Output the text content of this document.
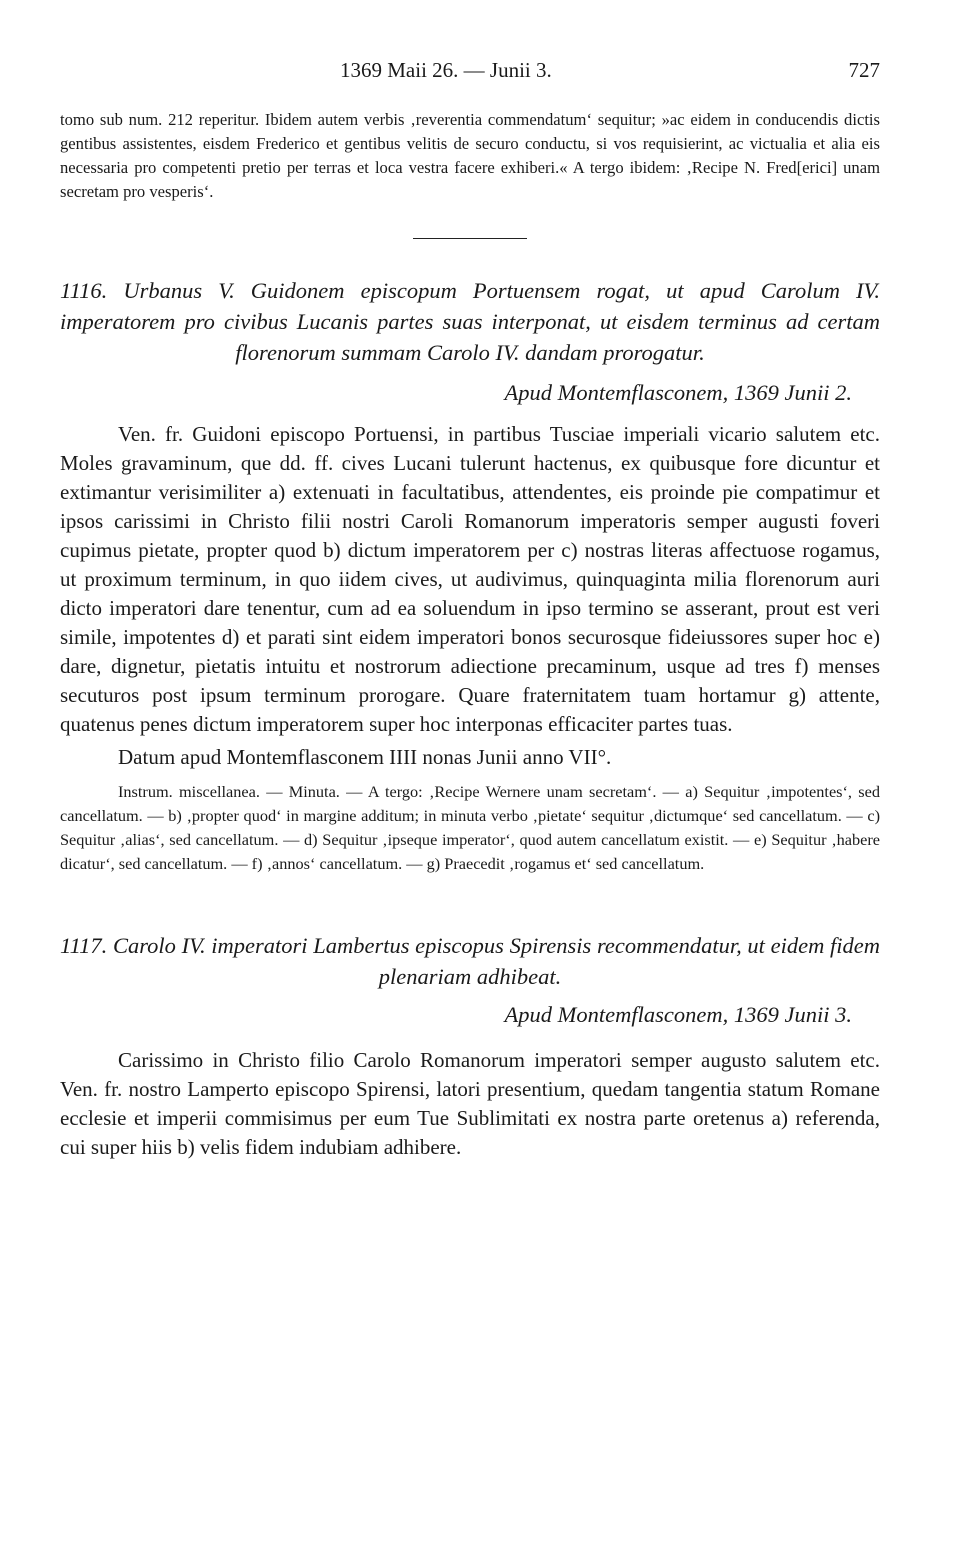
1369 Maii 26. — Junii 3.	727

tomo sub num. 212 reperitur. Ibidem autem verbis ‚reverentia commendatum‘ sequitur; »ac eidem in conducendis dictis gentibus assistentes, eisdem Frederico et gentibus velitis de securo conductu, si vos requisierint, ac victualia et alia eis necessaria pro competenti pretio per terras et loca vestra facere exhiberi.« A tergo ibidem: ‚Recipe N. Fred[erici] unam secretam pro vesperis‘.

1116. Urbanus V. Guidonem episcopum Portuensem rogat, ut apud Carolum IV. imperatorem pro civibus Lucanis partes suas interponat, ut eisdem terminus ad certam florenorum summam Carolo IV. dandam prorogatur.

Apud Montemflasconem, 1369 Junii 2.

Ven. fr. Guidoni episcopo Portuensi, in partibus Tusciae imperiali vicario salutem etc. Moles gravaminum, que dd. ff. cives Lucani tulerunt hactenus, ex quibusque fore dicuntur et extimantur verisimiliter a) extenuati in facultatibus, attendentes, eis proinde pie compatimur et ipsos carissimi in Christo filii nostri Caroli Romanorum imperatoris semper augusti foveri cupimus pietate, propter quod b) dictum imperatorem per c) nostras literas affectuose rogamus, ut proximum terminum, in quo iidem cives, ut audivimus, quinquaginta milia florenorum auri dicto imperatori dare tenentur, cum ad ea soluendum in ipso termino se asserant, prout est veri simile, impotentes d) et parati sint eidem imperatori bonos securosque fideiussores super hoc e) dare, dignetur, pietatis intuitu et nostrorum adiectione precaminum, usque ad tres f) menses secuturos post ipsum terminum prorogare. Quare fraternitatem tuam hortamur g) attente, quatenus penes dictum imperatorem super hoc interponas efficaciter partes tuas.

Datum apud Montemflasconem IIII nonas Junii anno VII°.

Instrum. miscellanea. — Minuta. — A tergo: ‚Recipe Wernere unam secretam‘. — a) Sequitur ‚impotentes‘, sed cancellatum. — b) ‚propter quod‘ in margine additum; in minuta verbo ‚pietate‘ sequitur ‚dictumque‘ sed cancellatum. — c) Sequitur ‚alias‘, sed cancellatum. — d) Sequitur ‚ipseque imperator‘, quod autem cancellatum existit. — e) Sequitur ‚habere dicatur‘, sed cancellatum. — f) ‚annos‘ cancellatum. — g) Praecedit ‚rogamus et‘ sed cancellatum.

1117. Carolo IV. imperatori Lambertus episcopus Spirensis recommendatur, ut eidem fidem plenariam adhibeat.

Apud Montemflasconem, 1369 Junii 3.

Carissimo in Christo filio Carolo Romanorum imperatori semper augusto salutem etc. Ven. fr. nostro Lamperto episcopo Spirensi, latori presentium, quedam tangentia statum Romane ecclesie et imperii commisimus per eum Tue Sublimitati ex nostra parte oretenus a) referenda, cui super hiis b) velis fidem indubiam adhibere.
